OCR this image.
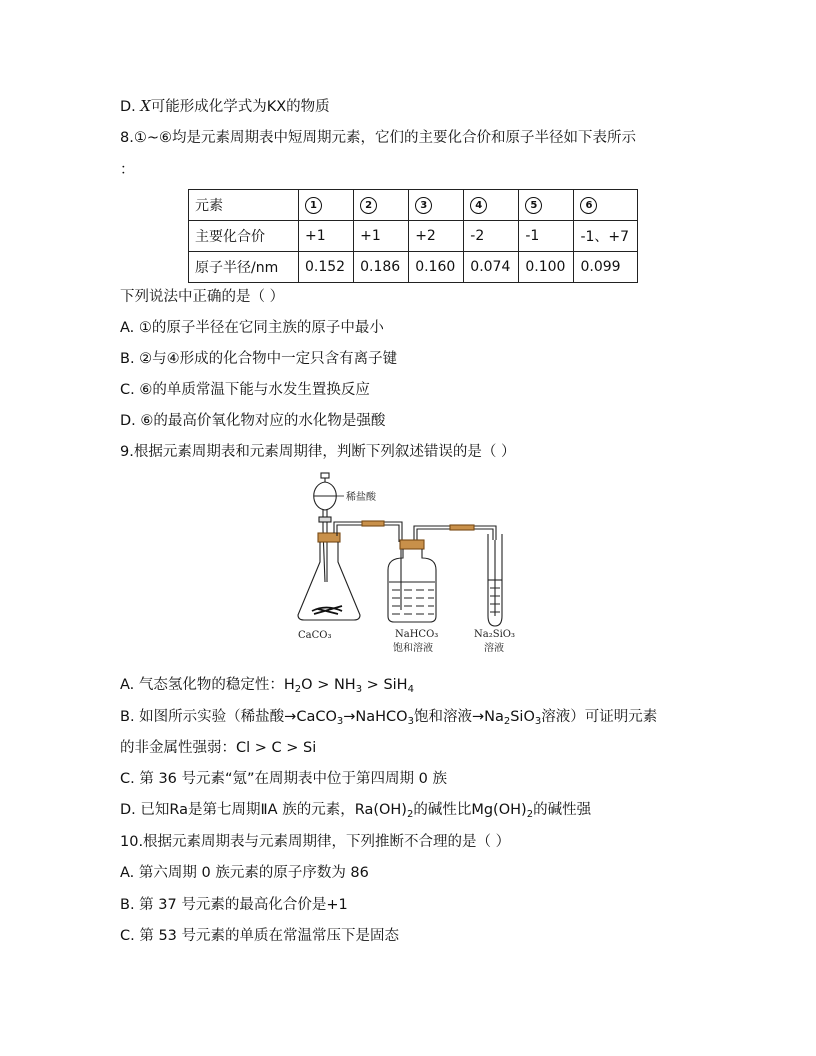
D. X可能形成化学式为KX的物质
8.①~⑥均是元素周期表中短周期元素，它们的主要化合价和原子半径如下表所示
：
元素	1	2	3	4	5	6
主要化合价	+1	+1	+2	-2	-1	-1、+7
原子半径/nm	0.152	0.186	0.160	0.074	0.100	0.099
下列说法中正确的是（ ）
A. ①的原子半径在它同主族的原子中最小
B. ②与④形成的化合物中一定只含有离子键
C. ⑥的单质常温下能与水发生置换反应
D. ⑥的最高价氧化物对应的水化物是强酸
9.根据元素周期表和元素周期律，判断下列叙述错误的是（ ）
稀盐酸
CaCO₃	NaHCO₃
饱和溶液
Na₂SiO₃
溶液
A. 气态氢化物的稳定性：$H_2O > NH_3 > SiH_4$
B. 如图所示实验（稀盐酸→CaCO$_3$→NaHCO$_3$饱和溶液$\to Na_2SiO_3$溶液）可证明元素
的非金属性强弱：Cl > C > Si
C. 第 36 号元素“氪”在周期表中位于第四周期 0 族
D. 已知Ra是第七周期ⅡA 族的元素，$Ra(OH)_2$的碱性比$Mg(OH)_2$的碱性强
10.根据元素周期表与元素周期律，下列推断不合理的是（ ）
A. 第六周期 0 族元素的原子序数为 86
B. 第 37 号元素的最高化合价是+1
C. 第 53 号元素的单质在常温常压下是固态
